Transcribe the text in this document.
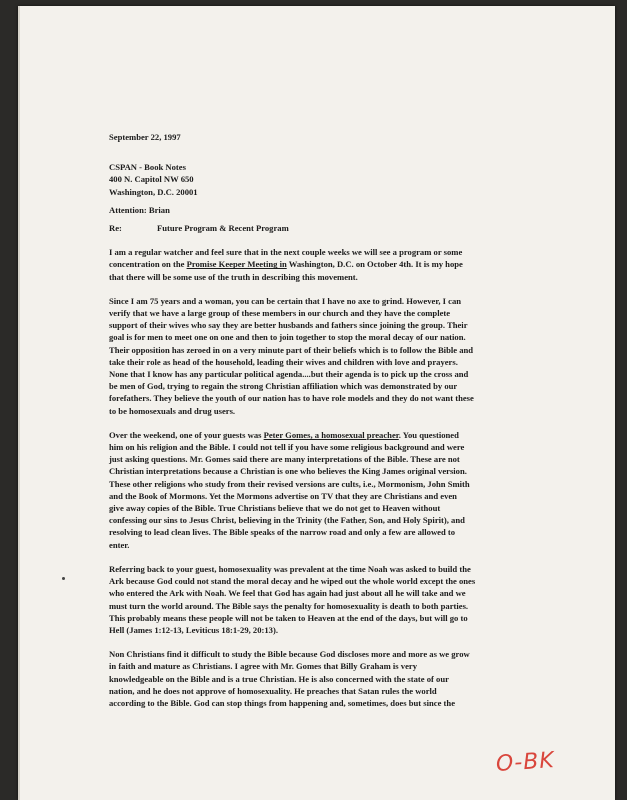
September 22, 1997
CSPAN - Book Notes
400 N. Capitol NW 650
Washington, D.C. 20001
Attention: Brian
Re:	Future Program & Recent Program
I am a regular watcher and feel sure that in the next couple weeks we will see a program or some
concentration on the Promise Keeper Meeting in Washington, D.C. on October 4th. It is my hope
that there will be some use of the truth in describing this movement.
Since I am 75 years and a woman, you can be certain that I have no axe to grind. However, I can
verify that we have a large group of these members in our church and they have the complete
support of their wives who say they are better husbands and fathers since joining the group. Their
goal is for men to meet one on one and then to join together to stop the moral decay of our nation.
Their opposition has zeroed in on a very minute part of their beliefs which is to follow the Bible and
take their role as head of the household, leading their wives and children with love and prayers.
None that I know has any particular political agenda....but their agenda is to pick up the cross and
be men of God, trying to regain the strong Christian affiliation which was demonstrated by our
forefathers. They believe the youth of our nation has to have role models and they do not want these
to be homosexuals and drug users.
Over the weekend, one of your guests was Peter Gomes, a homosexual preacher. You questioned
him on his religion and the Bible. I could not tell if you have some religious background and were
just asking questions. Mr. Gomes said there are many interpretations of the Bible. These are not
Christian interpretations because a Christian is one who believes the King James original version.
These other religions who study from their revised versions are cults, i.e., Mormonism, John Smith
and the Book of Mormons. Yet the Mormons advertise on TV that they are Christians and even
give away copies of the Bible. True Christians believe that we do not get to Heaven without
confessing our sins to Jesus Christ, believing in the Trinity (the Father, Son, and Holy Spirit), and
resolving to lead clean lives. The Bible speaks of the narrow road and only a few are allowed to
enter.
Referring back to your guest, homosexuality was prevalent at the time Noah was asked to build the
Ark because God could not stand the moral decay and he wiped out the whole world except the ones
who entered the Ark with Noah. We feel that God has again had just about all he will take and we
must turn the world around. The Bible says the penalty for homosexuality is death to both parties.
This probably means these people will not be taken to Heaven at the end of the days, but will go to
Hell (James 1:12-13, Leviticus 18:1-29, 20:13).
Non Christians find it difficult to study the Bible because God discloses more and more as we grow
in faith and mature as Christians. I agree with Mr. Gomes that Billy Graham is very
knowledgeable on the Bible and is a true Christian. He is also concerned with the state of our
nation, and he does not approve of homosexuality. He preaches that Satan rules the world
according to the Bible. God can stop things from happening and, sometimes, does but since the
O-BK
